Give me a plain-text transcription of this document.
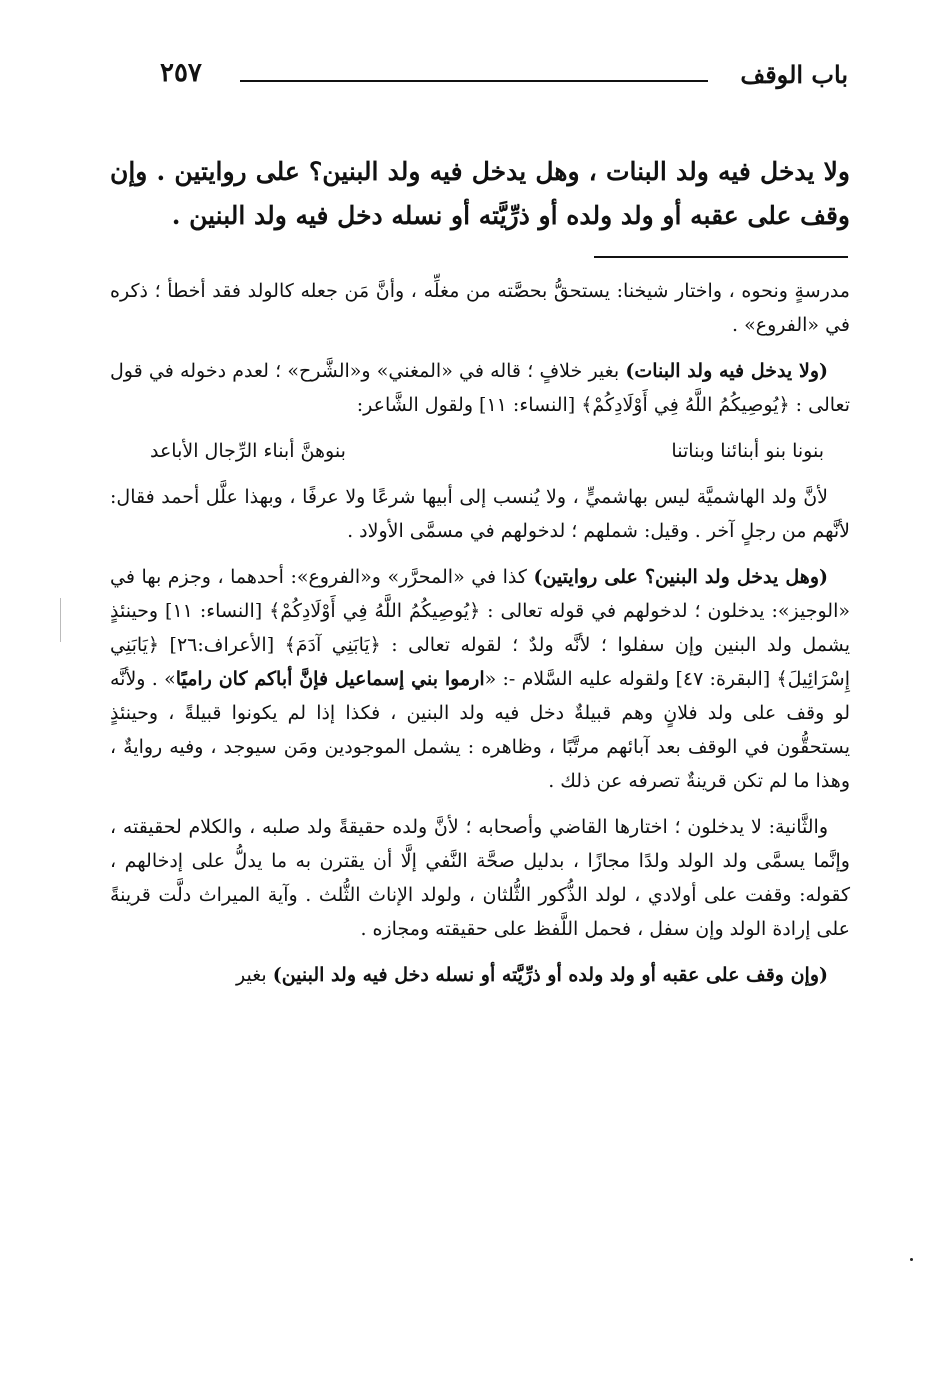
٢٥٧	باب الوقف
ولا يدخل فيه ولد البنات ، وهل يدخل فيه ولد البنين؟ على روايتين . وإن وقف على عقبه أو ولد ولده أو ذرِّيَّته أو نسله دخل فيه ولد البنين .

مدرسةٍ ونحوه ، واختار شيخنا: يستحقُّ بحصَّته من مغلِّه ، وأنَّ مَن جعله كالولد فقد أخطأ ؛ ذكره في «الفروع» .

(ولا يدخل فيه ولد البنات) بغير خلافٍ ؛ قاله في «المغني» و«الشَّرح» ؛ لعدم دخوله في قول تعالى : ﴿يُوصِيكُمُ اللَّهُ فِي أَوْلَادِكُمْ﴾ [النساء: ١١] ولقول الشَّاعر:

بنونا بنو أبنائنا وبناتنا
بنوهنَّ أبناء الرِّجال الأباعد

لأنَّ ولد الهاشميَّة ليس بهاشميٍّ ، ولا يُنسب إلى أبيها شرعًا ولا عرفًا ، وبهذا علَّل أحمد فقال: لأنَّهم من رجلٍ آخر . وقيل: شملهم ؛ لدخولهم في مسمَّى الأولاد .

(وهل يدخل ولد البنين؟ على روايتين) كذا في «المحرَّر» و«الفروع»: أحدهما ، وجزم بها في «الوجيز»: يدخلون ؛ لدخولهم في قوله تعالى : ﴿يُوصِيكُمُ اللَّهُ فِي أَوْلَادِكُمْ﴾ [النساء: ١١] وحينئذٍ يشمل ولد البنين وإن سفلوا ؛ لأنَّه ولدٌ ؛ لقوله تعالى : ﴿يَابَنِي آدَمَ﴾ [الأعراف:٢٦] ﴿يَابَنِي إِسْرَائِيلَ﴾ [البقرة: ٤٧] ولقوله عليه السَّلام -: «ارموا بني إسماعيل فإنَّ أباكم كان راميًا» . ولأنَّه لو وقف على ولد فلانٍ وهم قبيلةٌ دخل فيه ولد البنين ، فكذا إذا لم يكونوا قبيلةً ، وحينئذٍ يستحقُّون في الوقف بعد آبائهم مرتَّبًا ، وظاهره : يشمل الموجودين ومَن سيوجد ، وفيه روايةٌ ، وهذا ما لم تكن قرينةٌ تصرفه عن ذلك .

والثَّانية: لا يدخلون ؛ اختارها القاضي وأصحابه ؛ لأنَّ ولده حقيقةً ولد صلبه ، والكلام لحقيقته ، وإنَّما يسمَّى ولد الولد ولدًا مجازًا ، بدليل صحَّة النَّفي إلَّا أن يقترن به ما يدلُّ على إدخالهم ، كقوله: وقفت على أولادي ، لولد الذُّكور الثُّلثان ، ولولد الإناث الثُّلث . وآية الميراث دلَّت قرينةً على إرادة الولد وإن سفل ، فحمل اللَّفظ على حقيقته ومجازه .

(وإن وقف على عقبه أو ولد ولده أو ذرِّيَّته أو نسله دخل فيه ولد البنين) بغير
